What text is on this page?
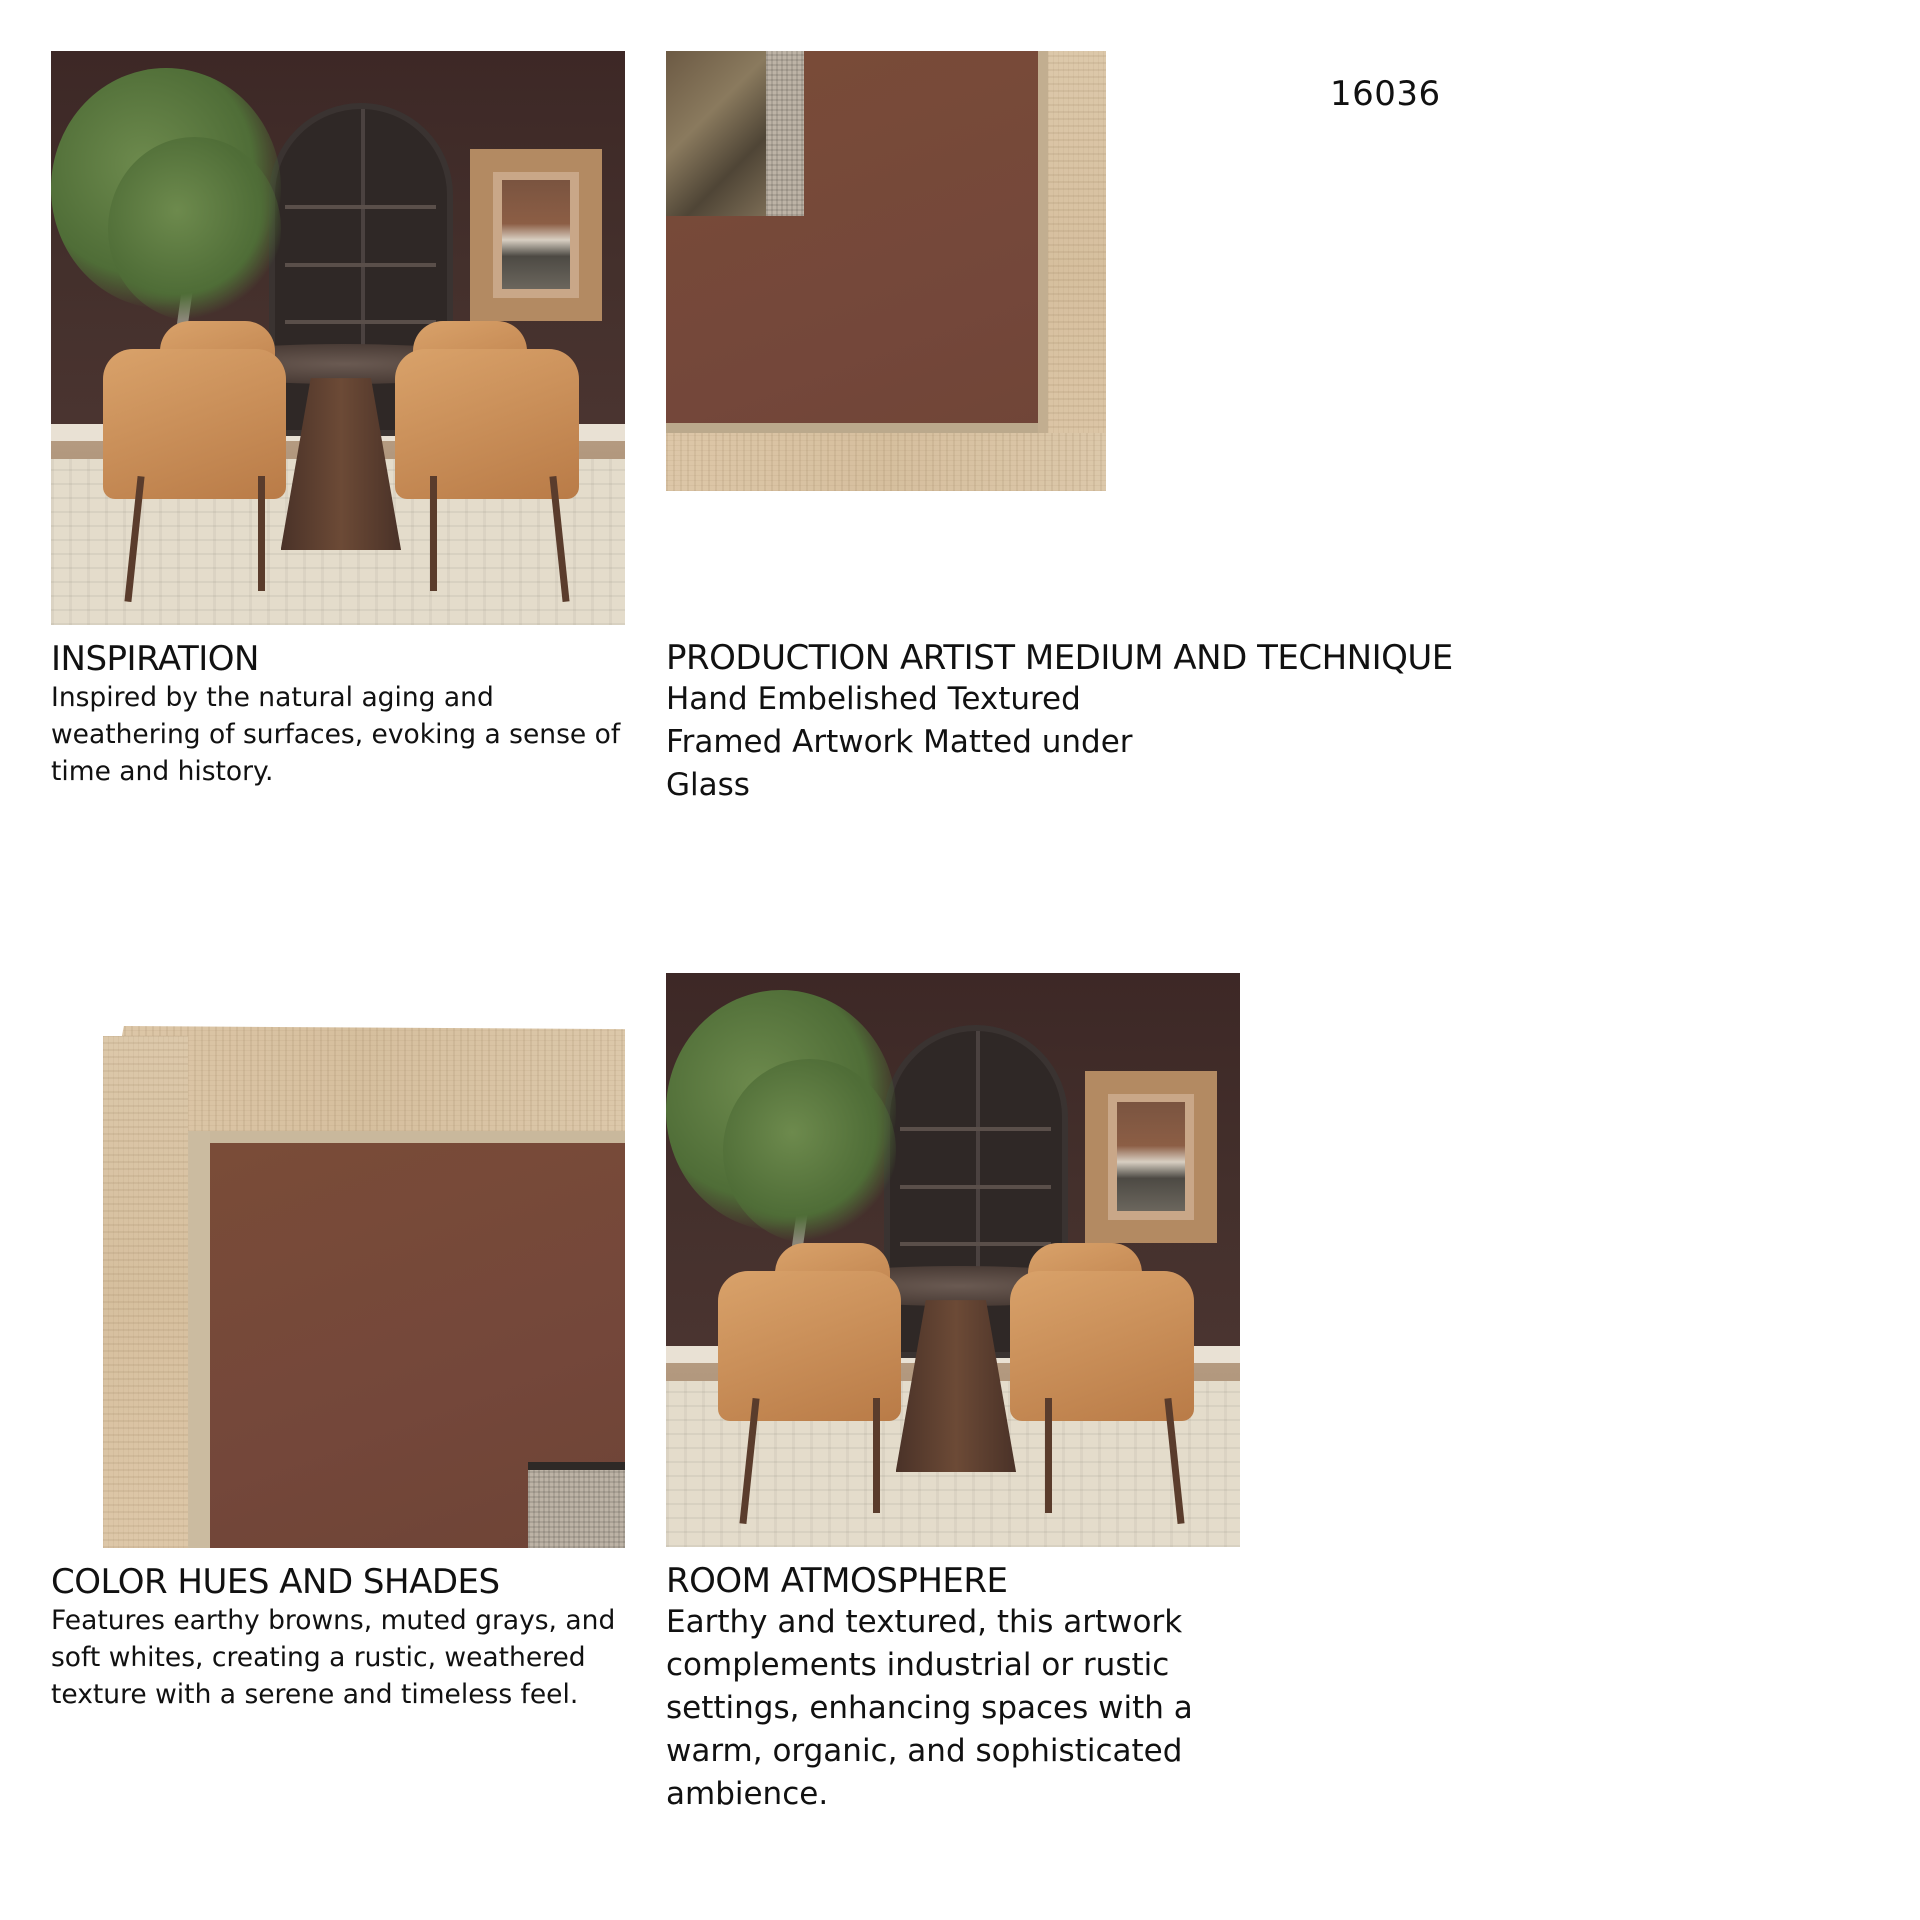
16036
INSPIRATION
Inspired by the natural aging and weathering of surfaces, evoking a sense of time and history.
PRODUCTION ARTIST MEDIUM AND TECHNIQUE
Hand Embelished Textured Framed Artwork Matted under Glass
COLOR HUES AND SHADES
Features earthy browns, muted grays, and soft whites, creating a rustic, weathered texture with a serene and timeless feel.
ROOM ATMOSPHERE
Earthy and textured, this artwork complements industrial or rustic settings, enhancing spaces with a warm, organic, and sophisticated ambience.
